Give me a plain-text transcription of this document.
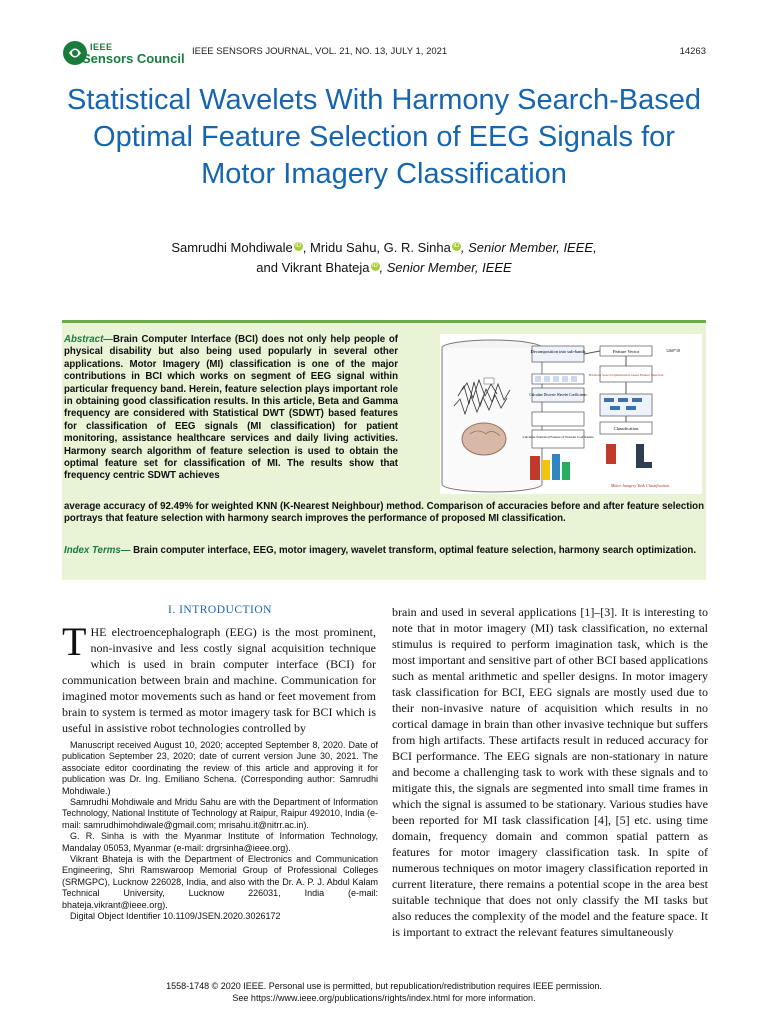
IEEE
Sensors Council IEEE SENSORS JOURNAL, VOL. 21, NO. 13, JULY 1, 2021	14263
Statistical Wavelets With Harmony Search-Based Optimal Feature Selection of EEG Signals for Motor Imagery Classification
Samrudhi Mohdiwale iD , Mridu Sahu, G. R. Sinha iD , Senior Member, IEEE,
and Vikrant Bhateja iD , Senior Member, IEEE
Abstract—Brain Computer Interface (BCI) does not only help people of physical disability but also being used popularly in several other applications. Motor Imagery (MI) classification is one of the major contributions in BCI which works on segment of EEG signal within particular frequency band. Herein, feature selection plays important role in obtaining good classification results. In this article, Beta and Gamma frequency are considered with Statistical DWT (SDWT) based features for classification of EEG signals (MI classification) for patient monitoring, assistance healthcare services and daily living activities. Harmony search algorithm of feature selection is used to obtain the optimal feature set for classification of MI. The results show that frequency centric SDWT achieves
average accuracy of 92.49% for weighted KNN (K-Nearest Neighbour) method. Comparison of accuracies before and after feature selection portrays that feature selection with harmony search improves the performance of proposed MI classification.
Index Terms— Brain computer interface, EEG, motor imagery, wavelet transform, optimal feature selection, harmony search optimization.
Decomposition into sub-bands
Calculate Discrete Wavelet Coefficients
Calculate Statistical Feature of Wavelet Coefficients
Feature Vector	1260*18
Harmony Search Optimization based Feature Selection
Classification
Motor Imagery Task Classification
I. INTRODUCTION
THE electroencephalograph (EEG) is the most prominent, non-invasive and less costly signal acquisition technique which is used in brain computer interface (BCI) for communication between brain and machine. Communication for imagined motor movements such as hand or feet movement from brain to system is termed as motor imagery task for BCI which is useful in assistive robot technologies controlled by

Manuscript received August 10, 2020; accepted September 8, 2020. Date of publication September 23, 2020; date of current version June 30, 2021. The associate editor coordinating the review of this article and approving it for publication was Dr. Ing. Emiliano Schena. (Corresponding author: Samrudhi Mohdiwale.)

Samrudhi Mohdiwale and Mridu Sahu are with the Department of Information Technology, National Institute of Technology at Raipur, Raipur 492010, India (e-mail: samrudhimohdiwale@gmail.com; mrisahu.it@nitrr.ac.in).

G. R. Sinha is with the Myanmar Institute of Information Technology, Mandalay 05053, Myanmar (e-mail: drgrsinha@ieee.org).

Vikrant Bhateja is with the Department of Electronics and Communication Engineering, Shri Ramswaroop Memorial Group of Professional Colleges (SRMGPC), Lucknow 226028, India, and also with the Dr. A. P. J. Abdul Kalam Technical University, Lucknow 226031, India (e-mail: bhateja.vikrant@ieee.org).

Digital Object Identifier 10.1109/JSEN.2020.3026172

brain and used in several applications [1]–[3]. It is interesting to note that in motor imagery (MI) task classification, no external stimulus is required to perform imagination task, which is the most important and sensitive part of other BCI based applications such as mental arithmetic and speller designs. In motor imagery task classification for BCI, EEG signals are mostly used due to their non-invasive nature of acquisition which results in no cortical damage in brain than other invasive technique but suffers from high artifacts. These artifacts result in reduced accuracy for BCI performance. The EEG signals are non-stationary in nature and become a challenging task to work with these signals and to mitigate this, the signals are segmented into small time frames in which the signal is assumed to be stationary. Various studies have been reported for MI task classification [4], [5] etc. using time domain, frequency domain and common spatial pattern as features for motor imagery classification task. In spite of numerous techniques on motor imagery classification reported in current literature, there remains a potential scope in the area best suitable technique that does not only classify the MI tasks but also reduces the complexity of the model and the feature space. It is important to extract the relevant features simultaneously
1558-1748 © 2020 IEEE. Personal use is permitted, but republication/redistribution requires IEEE permission.
See https://www.ieee.org/publications/rights/index.html for more information.
